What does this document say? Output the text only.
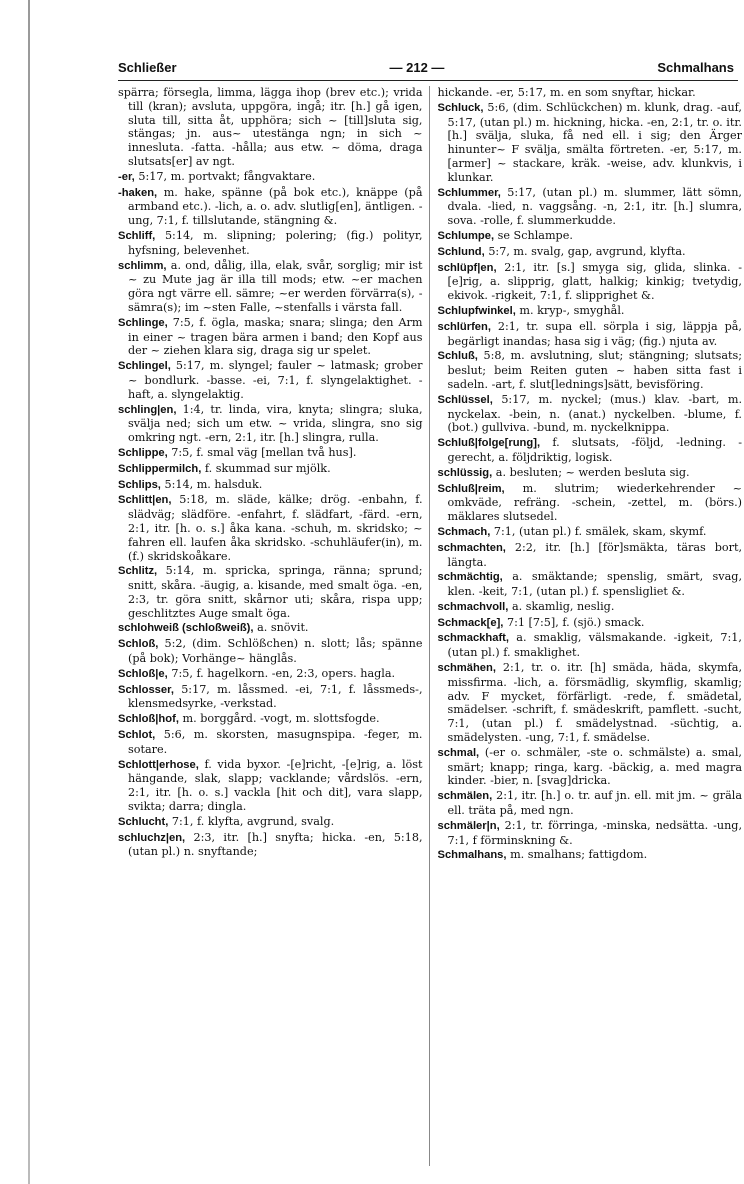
Schließer	— 212 —	Schmalhans

spärra; försegla, limma, lägga ihop (brev etc.); vrida till (kran); avsluta, uppgöra, ingå; itr. [h.] gå igen, sluta till, sitta åt, upphöra; sich ~ [till]sluta sig, stängas; jn. aus~ utestänga ngn; in sich ~ innesluta. -fatta. -hålla; aus etw. ~ döma, draga slutsats[er] av ngt.

-er, 5:17, m. portvakt; fångvaktare.

-haken, m. hake, spänne (på bok etc.), knäppe (på armband etc.). -lich, a. o. adv. slutlig[en], äntligen. -ung, 7:1, f. tillslutande, stängning &.

Schliff, 5:14, m. slipning; polering; (fig.) polityr, hyfsning, belevenhet.

schlimm, a. ond, dålig, illa, elak, svår, sorglig; mir ist ~ zu Mute jag är illa till mods; etw. ~er machen göra ngt värre ell. sämre; ~er werden förvärra(s), -sämra(s); im ~sten Falle, ~stenfalls i värsta fall.

Schlinge, 7:5, f. ögla, maska; snara; slinga; den Arm in einer ~ tragen bära armen i band; den Kopf aus der ~ ziehen klara sig, draga sig ur spelet.

Schlingel, 5:17, m. slyngel; fauler ~ latmask; grober ~ bondlurk. -basse. -ei, 7:1, f. slyngelaktighet. -haft, a. slyngelaktig.

schling|en, 1:4, tr. linda, vira, knyta; slingra; sluka, svälja ned; sich um etw. ~ vrida, slingra, sno sig omkring ngt. -ern, 2:1, itr. [h.] slingra, rulla.

Schlippe, 7:5, f. smal väg [mellan två hus].

Schlippermilch, f. skummad sur mjölk.

Schlips, 5:14, m. halsduk.

Schlitt|en, 5:18, m. släde, kälke; drög. -enbahn, f. slädväg; slädföre. -enfahrt, f. slädfart, -färd. -ern, 2:1, itr. [h. o. s.] åka kana. -schuh, m. skridsko; ~ fahren ell. laufen åka skridsko. -schuhläufer(in), m. (f.) skridskoåkare.

Schlitz, 5:14, m. spricka, springa, ränna; sprund; snitt, skåra. -äugig, a. kisande, med smalt öga. -en, 2:3, tr. göra snitt, skårnor uti; skåra, rispa upp; geschlitztes Auge smalt öga.

schlohweiß (schloßweiß), a. snövit.

Schloß, 5:2, (dim. Schlößchen) n. slott; lås; spänne (på bok); Vorhänge~ hänglås.

Schloß|e, 7:5, f. hagelkorn. -en, 2:3, opers. hagla.

Schlosser, 5:17, m. låssmed. -ei, 7:1, f. låssmeds-, klensmedsyrke, -verkstad.

Schloß|hof, m. borggård. -vogt, m. slottsfogde.

Schlot, 5:6, m. skorsten, masugnspipa. -feger, m. sotare.

Schlott|erhose, f. vida byxor. -[e]richt, -[e]rig, a. löst hängande, slak, slapp; vacklande; vårdslös. -ern, 2:1, itr. [h. o. s.] vackla [hit och dit], vara slapp, svikta; darra; dingla.

Schlucht, 7:1, f. klyfta, avgrund, svalg.

schluchz|en, 2:3, itr. [h.] snyfta; hicka. -en, 5:18, (utan pl.) n. snyftande;

hickande. -er, 5:17, m. en som snyftar, hickar.

Schluck, 5:6, (dim. Schlückchen) m. klunk, drag. -auf, 5:17, (utan pl.) m. hickning, hicka. -en, 2:1, tr. o. itr. [h.] svälja, sluka, få ned ell. i sig; den Ärger hinunter~ F svälja, smälta förtreten. -er, 5:17, m. [armer] ~ stackare, kräk. -weise, adv. klunkvis, i klunkar.

Schlummer, 5:17, (utan pl.) m. slummer, lätt sömn, dvala. -lied, n. vaggsång. -n, 2:1, itr. [h.] slumra, sova. -rolle, f. slummerkudde.

Schlumpe, se Schlampe.

Schlund, 5:7, m. svalg, gap, avgrund, klyfta.

schlüpf|en, 2:1, itr. [s.] smyga sig, glida, slinka. -[e]rig, a. slipprig, glatt, halkig; kinkig; tvetydig, ekivok. -rigkeit, 7:1, f. slipprighet &.

Schlupfwinkel, m. kryp-, smyghål.

schlürfen, 2:1, tr. supa ell. sörpla i sig, läppja på, begärligt inandas; hasa sig i väg; (fig.) njuta av.

Schluß, 5:8, m. avslutning, slut; stängning; slutsats; beslut; beim Reiten guten ~ haben sitta fast i sadeln. -art, f. slut[lednings]sätt, bevisföring.

Schlüssel, 5:17, m. nyckel; (mus.) klav. -bart, m. nyckelax. -bein, n. (anat.) nyckelben. -blume, f. (bot.) gullviva. -bund, m. nyckelknippa.

Schluß|folge[rung], f. slutsats, -följd, -ledning. -gerecht, a. följdriktig, logisk.

schlüssig, a. besluten; ~ werden besluta sig.

Schluß|reim, m. slutrim; wiederkehrender ~ omkväde, refräng. -schein, -zettel, m. (börs.) mäklares slutsedel.

Schmach, 7:1, (utan pl.) f. smälek, skam, skymf.

schmachten, 2:2, itr. [h.] [för]smäkta, täras bort, längta.

schmächtig, a. smäktande; spenslig, smärt, svag, klen. -keit, 7:1, (utan pl.) f. spensligliet &.

schmachvoll, a. skamlig, neslig.

Schmack[e], 7:1 [7:5], f. (sjö.) smack.

schmackhaft, a. smaklig, välsmakande. -igkeit, 7:1, (utan pl.) f. smaklighet.

schmähen, 2:1, tr. o. itr. [h] smäda, häda, skymfa, missfirma. -lich, a. försmädlig, skymflig, skamlig; adv. F mycket, förfärligt. -rede, f. smädetal, smädelser. -schrift, f. smädeskrift, pamflett. -sucht, 7:1, (utan pl.) f. smädelystnad. -süchtig, a. smädelysten. -ung, 7:1, f. smädelse.

schmal, (-er o. schmäler, -ste o. schmälste) a. smal, smärt; knapp; ringa, karg. -bäckig, a. med magra kinder. -bier, n. [svag]dricka.

schmälen, 2:1, itr. [h.] o. tr. auf jn. ell. mit jm. ~ gräla ell. träta på, med ngn.

schmäler|n, 2:1, tr. förringa, -minska, nedsätta. -ung, 7:1, f förminskning &.

Schmalhans, m. smalhans; fattigdom.
